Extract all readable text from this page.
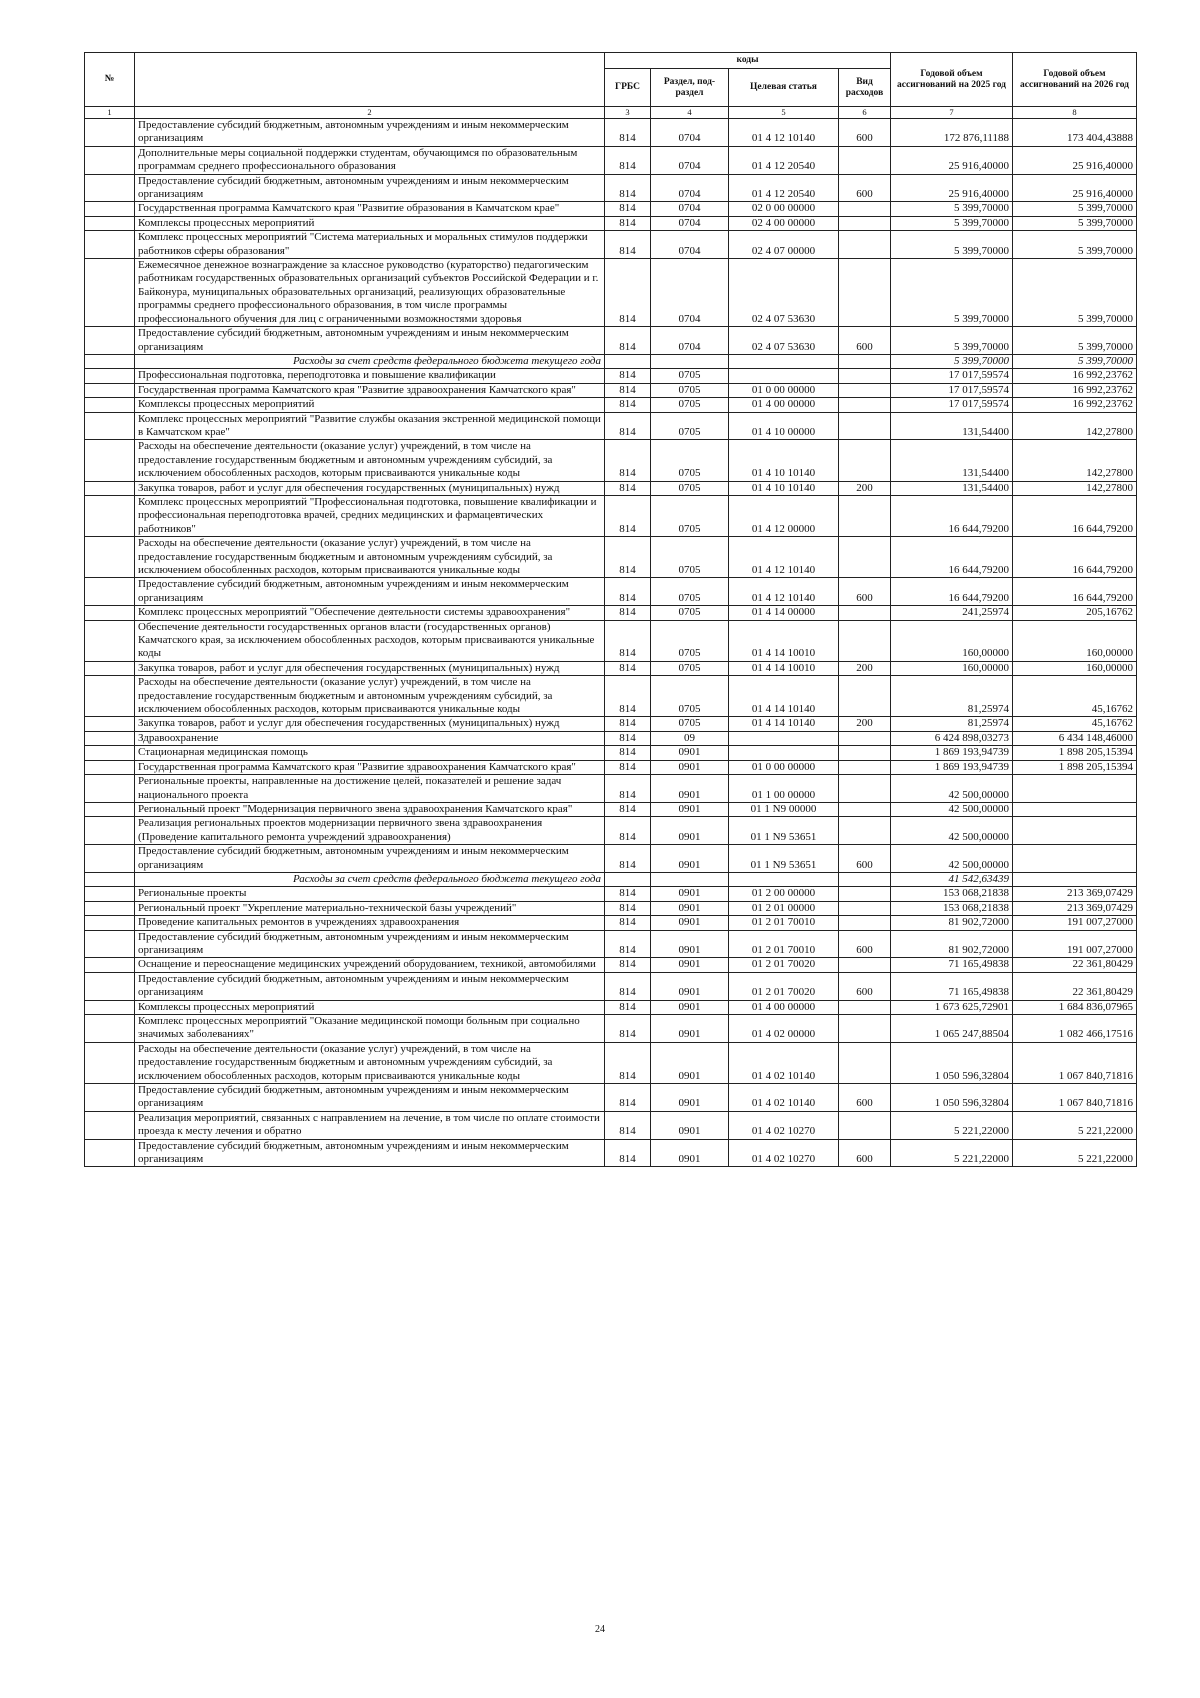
№		коды				Годовой объем ассигнований на 2025 год	Годовой объем ассигнований на 2026 год
		ГРБС	Раздел, под-раздел	Целевая статья	Вид расходов		
1	2	3	4	5	6	7	8
	Предоставление субсидий бюджетным, автономным учреждениям и иным некоммерческим организациям	814	0704	01 4 12 10140	600	172 876,11188	173 404,43888
	Дополнительные меры социальной поддержки студентам, обучающимся по образовательным программам среднего профессионального образования	814	0704	01 4 12 20540		25 916,40000	25 916,40000
	Предоставление субсидий бюджетным, автономным учреждениям и иным некоммерческим организациям	814	0704	01 4 12 20540	600	25 916,40000	25 916,40000
	Государственная программа Камчатского края "Развитие образования в Камчатском крае"	814	0704	02 0 00 00000		5 399,70000	5 399,70000
	Комплексы процессных мероприятий	814	0704	02 4 00 00000		5 399,70000	5 399,70000
	Комплекс процессных мероприятий "Система материальных и моральных стимулов поддержки работников сферы образования"	814	0704	02 4 07 00000		5 399,70000	5 399,70000
	Ежемесячное денежное вознаграждение за классное руководство (кураторство) педагогическим работникам государственных образовательных организаций субъектов Российской Федерации и г. Байконура, муниципальных образовательных организаций, реализующих образовательные программы среднего профессионального образования, в том числе программы профессионального обучения для лиц с ограниченными возможностями здоровья	814	0704	02 4 07 53630		5 399,70000	5 399,70000
	Предоставление субсидий бюджетным, автономным учреждениям и иным некоммерческим организациям	814	0704	02 4 07 53630	600	5 399,70000	5 399,70000
	Расходы за счет средств федерального бюджета текущего года					5 399,70000	5 399,70000
	Профессиональная подготовка, переподготовка и повышение квалификации	814	0705			17 017,59574	16 992,23762
	Государственная программа Камчатского края "Развитие здравоохранения Камчатского края"	814	0705	01 0 00 00000		17 017,59574	16 992,23762
	Комплексы процессных мероприятий	814	0705	01 4 00 00000		17 017,59574	16 992,23762
	Комплекс процессных мероприятий "Развитие службы оказания экстренной медицинской помощи в Камчатском крае"	814	0705	01 4 10 00000		131,54400	142,27800
	Расходы на обеспечение деятельности (оказание услуг) учреждений, в том числе на предоставление государственным бюджетным и автономным учреждениям субсидий, за исключением обособленных расходов, которым присваиваются уникальные коды	814	0705	01 4 10 10140		131,54400	142,27800
	Закупка товаров, работ и услуг для обеспечения государственных (муниципальных) нужд	814	0705	01 4 10 10140	200	131,54400	142,27800
	Комплекс процессных мероприятий "Профессиональная подготовка, повышение квалификации и профессиональная переподготовка врачей, средних медицинских и фармацевтических работников"	814	0705	01 4 12 00000		16 644,79200	16 644,79200
	Расходы на обеспечение деятельности (оказание услуг) учреждений, в том числе на предоставление государственным бюджетным и автономным учреждениям субсидий, за исключением обособленных расходов, которым присваиваются уникальные коды	814	0705	01 4 12 10140		16 644,79200	16 644,79200
	Предоставление субсидий бюджетным, автономным учреждениям и иным некоммерческим организациям	814	0705	01 4 12 10140	600	16 644,79200	16 644,79200
	Комплекс процессных мероприятий "Обеспечение деятельности системы здравоохранения"	814	0705	01 4 14 00000		241,25974	205,16762
	Обеспечение деятельности государственных органов власти (государственных органов) Камчатского края, за исключением обособленных расходов, которым присваиваются уникальные коды	814	0705	01 4 14 10010		160,00000	160,00000
	Закупка товаров, работ и услуг для обеспечения государственных (муниципальных) нужд	814	0705	01 4 14 10010	200	160,00000	160,00000
	Расходы на обеспечение деятельности (оказание услуг) учреждений, в том числе на предоставление государственным бюджетным и автономным учреждениям субсидий, за исключением обособленных расходов, которым присваиваются уникальные коды	814	0705	01 4 14 10140		81,25974	45,16762
	Закупка товаров, работ и услуг для обеспечения государственных (муниципальных) нужд	814	0705	01 4 14 10140	200	81,25974	45,16762
	Здравоохранение	814	09			6 424 898,03273	6 434 148,46000
	Стационарная медицинская помощь	814	0901			1 869 193,94739	1 898 205,15394
	Государственная программа Камчатского края "Развитие здравоохранения Камчатского края"	814	0901	01 0 00 00000		1 869 193,94739	1 898 205,15394
	Региональные проекты, направленные на достижение целей, показателей и решение задач национального проекта	814	0901	01 1 00 00000		42 500,00000	
	Региональный проект "Модернизация первичного звена здравоохранения Камчатского края"	814	0901	01 1 N9 00000		42 500,00000	
	Реализация региональных проектов модернизации первичного звена здравоохранения (Проведение капитального ремонта учреждений здравоохранения)	814	0901	01 1 N9 53651		42 500,00000	
	Предоставление субсидий бюджетным, автономным учреждениям и иным некоммерческим организациям	814	0901	01 1 N9 53651	600	42 500,00000	
	Расходы за счет средств федерального бюджета текущего года					41 542,63439	
	Региональные проекты	814	0901	01 2 00 00000		153 068,21838	213 369,07429
	Региональный проект "Укрепление материально-технической базы учреждений"	814	0901	01 2 01 00000		153 068,21838	213 369,07429
	Проведение капитальных ремонтов в учреждениях здравоохранения	814	0901	01 2 01 70010		81 902,72000	191 007,27000
	Предоставление субсидий бюджетным, автономным учреждениям и иным некоммерческим организациям	814	0901	01 2 01 70010	600	81 902,72000	191 007,27000
	Оснащение и переоснащение медицинских учреждений оборудованием, техникой, автомобилями	814	0901	01 2 01 70020		71 165,49838	22 361,80429
	Предоставление субсидий бюджетным, автономным учреждениям и иным некоммерческим организациям	814	0901	01 2 01 70020	600	71 165,49838	22 361,80429
	Комплексы процессных мероприятий	814	0901	01 4 00 00000		1 673 625,72901	1 684 836,07965
	Комплекс процессных мероприятий "Оказание медицинской помощи больным при социально значимых заболеваниях"	814	0901	01 4 02 00000		1 065 247,88504	1 082 466,17516
	Расходы на обеспечение деятельности (оказание услуг) учреждений, в том числе на предоставление государственным бюджетным и автономным учреждениям субсидий, за исключением обособленных расходов, которым присваиваются уникальные коды	814	0901	01 4 02 10140		1 050 596,32804	1 067 840,71816
	Предоставление субсидий бюджетным, автономным учреждениям и иным некоммерческим организациям	814	0901	01 4 02 10140	600	1 050 596,32804	1 067 840,71816
	Реализация мероприятий, связанных с направлением на лечение, в том числе по оплате стоимости проезда к месту лечения и обратно	814	0901	01 4 02 10270		5 221,22000	5 221,22000
	Предоставление субсидий бюджетным, автономным учреждениям и иным некоммерческим организациям	814	0901	01 4 02 10270	600	5 221,22000	5 221,22000
24
